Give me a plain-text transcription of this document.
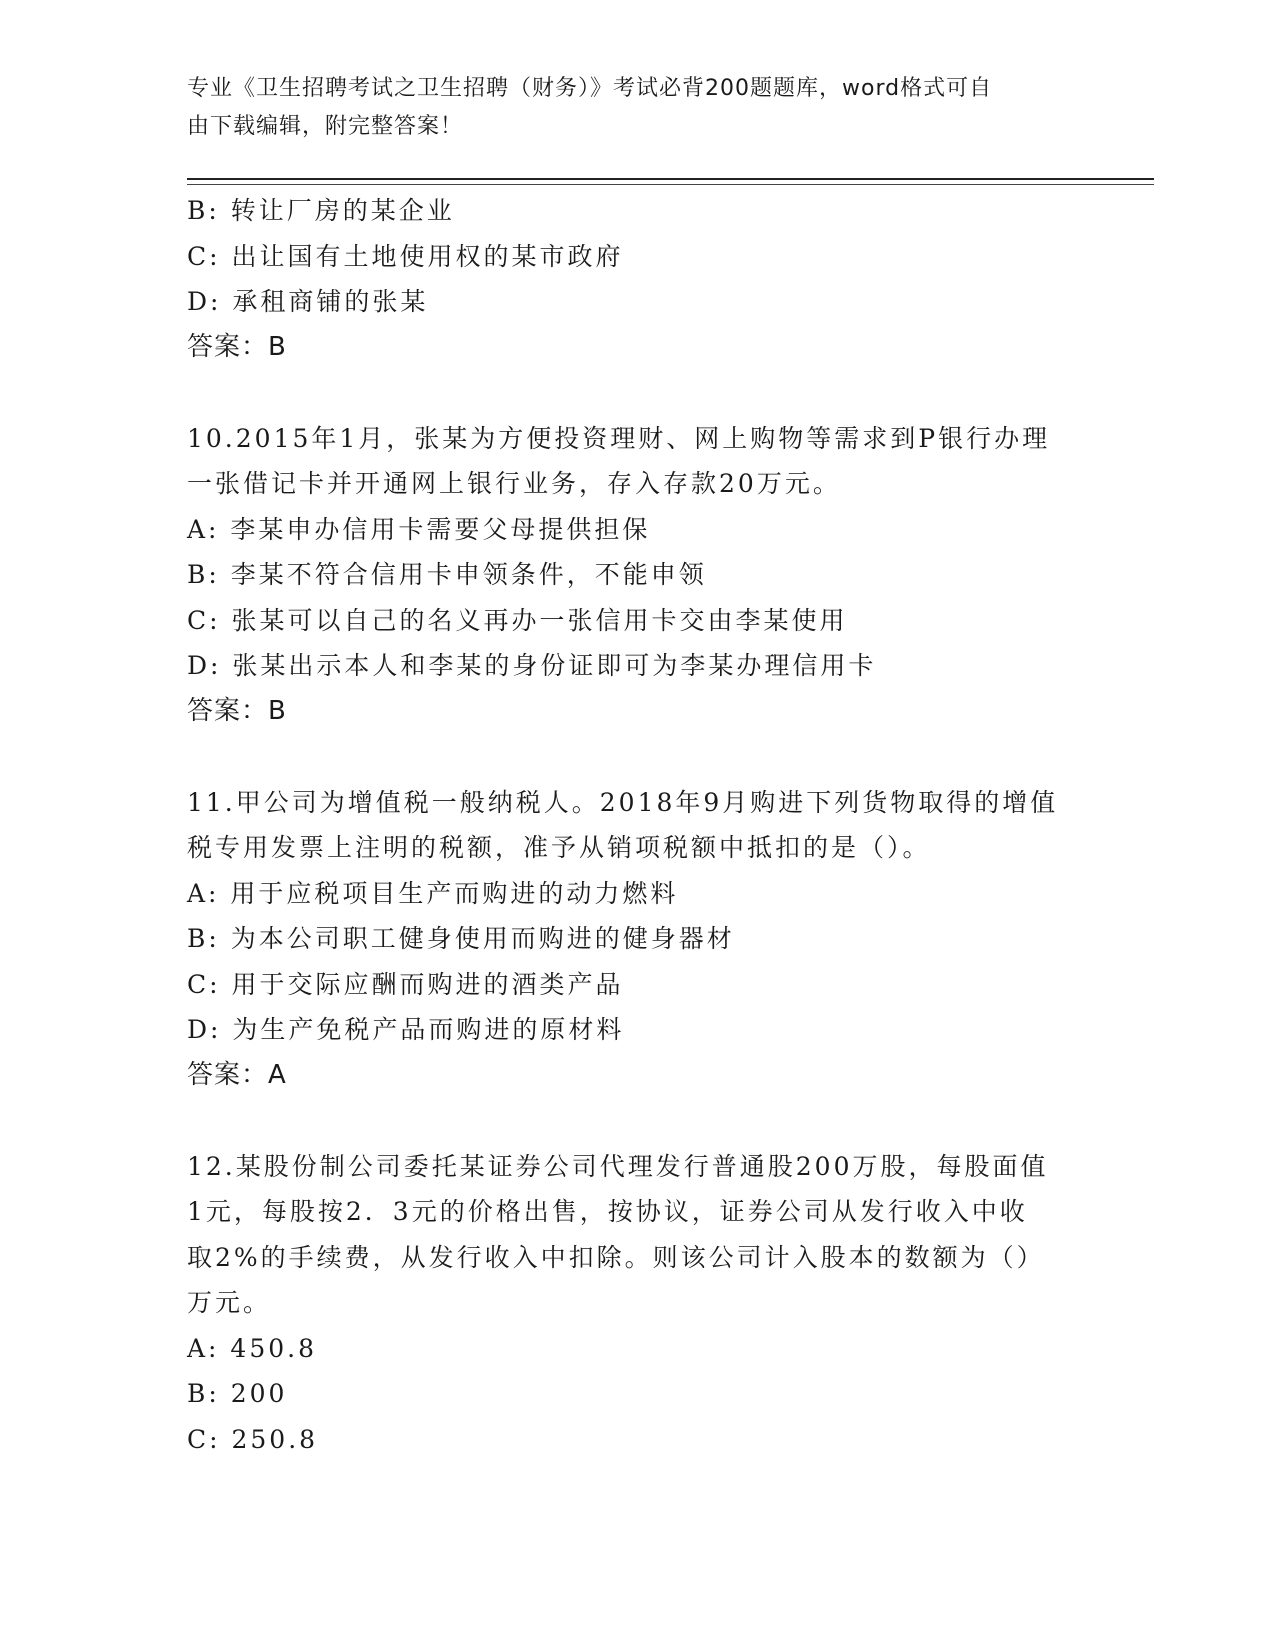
专业《卫生招聘考试之卫生招聘（财务）》考试必背200题题库，word格式可自
由下载编辑，附完整答案！
B: 转让厂房的某企业
C: 出让国有土地使用权的某市政府
D: 承租商铺的张某
答案：B
10.2015年1月，张某为方便投资理财、网上购物等需求到P银行办理
一张借记卡并开通网上银行业务，存入存款20万元。
A: 李某申办信用卡需要父母提供担保
B: 李某不符合信用卡申领条件，不能申领
C: 张某可以自己的名义再办一张信用卡交由李某使用
D: 张某出示本人和李某的身份证即可为李某办理信用卡
答案：B
11.甲公司为增值税一般纳税人。2018年9月购进下列货物取得的增值
税专用发票上注明的税额，准予从销项税额中抵扣的是（）。
A: 用于应税项目生产而购进的动力燃料
B: 为本公司职工健身使用而购进的健身器材
C: 用于交际应酬而购进的酒类产品
D: 为生产免税产品而购进的原材料
答案：A
12.某股份制公司委托某证券公司代理发行普通股200万股，每股面值
1元，每股按2．3元的价格出售，按协议，证券公司从发行收入中收
取2%的手续费，从发行收入中扣除。则该公司计入股本的数额为（）
万元。
A: 450.8
B: 200
C: 250.8
